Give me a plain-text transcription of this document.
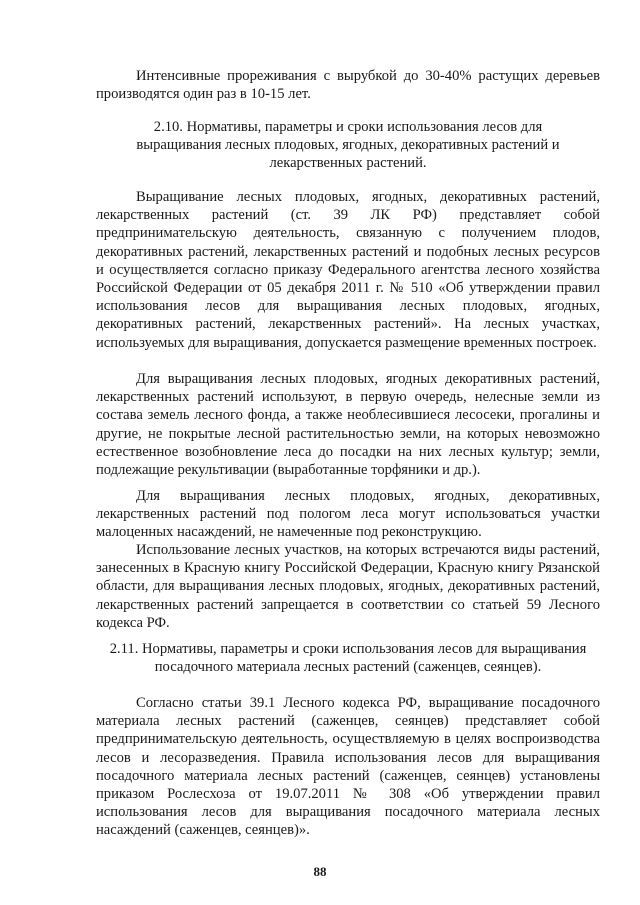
Интенсивные прореживания с вырубкой до 30-40% растущих деревьев производятся один раз в 10-15 лет.
2.10. Нормативы, параметры и сроки использования лесов для выращивания лесных плодовых, ягодных, декоративных растений и лекарственных растений.
Выращивание лесных плодовых, ягодных, декоративных растений, лекарственных растений (ст. 39 ЛК РФ) представляет собой предпринимательскую деятельность, связанную с получением плодов, декоративных растений, лекарственных растений и подобных лесных ресурсов и осуществляется согласно приказу Федерального агентства лесного хозяйства Российской Федерации от 05 декабря 2011 г. № 510 «Об утверждении правил использования лесов для выращивания лесных плодовых, ягодных, декоративных растений, лекарственных растений». На лесных участках, используемых для выращивания, допускается размещение временных построек.
Для выращивания лесных плодовых, ягодных декоративных растений, лекарственных растений используют, в первую очередь, нелесные земли из состава земель лесного фонда, а также необлесившиеся лесосеки, прогалины и другие, не покрытые лесной растительностью земли, на которых невозможно естественное возобновление леса до посадки на них лесных культур; земли, подлежащие рекультивации (выработанные торфяники и др.).
Для выращивания лесных плодовых, ягодных, декоративных, лекарственных растений под пологом леса могут использоваться участки малоценных насаждений, не намеченные под реконструкцию.
Использование лесных участков, на которых встречаются виды растений, занесенных в Красную книгу Российской Федерации, Красную книгу Рязанской области, для выращивания лесных плодовых, ягодных, декоративных растений, лекарственных растений запрещается в соответствии со статьей 59 Лесного кодекса РФ.
2.11. Нормативы, параметры и сроки использования лесов для выращивания посадочного материала лесных растений (саженцев, сеянцев).
Согласно статьи 39.1 Лесного кодекса РФ, выращивание посадочного материала лесных растений (саженцев, сеянцев) представляет собой предпринимательскую деятельность, осуществляемую в целях воспроизводства лесов и лесоразведения. Правила использования лесов для выращивания посадочного материала лесных растений (саженцев, сеянцев) установлены приказом Рослесхоза от 19.07.2011 № 308 «Об утверждении правил использования лесов для выращивания посадочного материала лесных насаждений (саженцев, сеянцев)».
88
